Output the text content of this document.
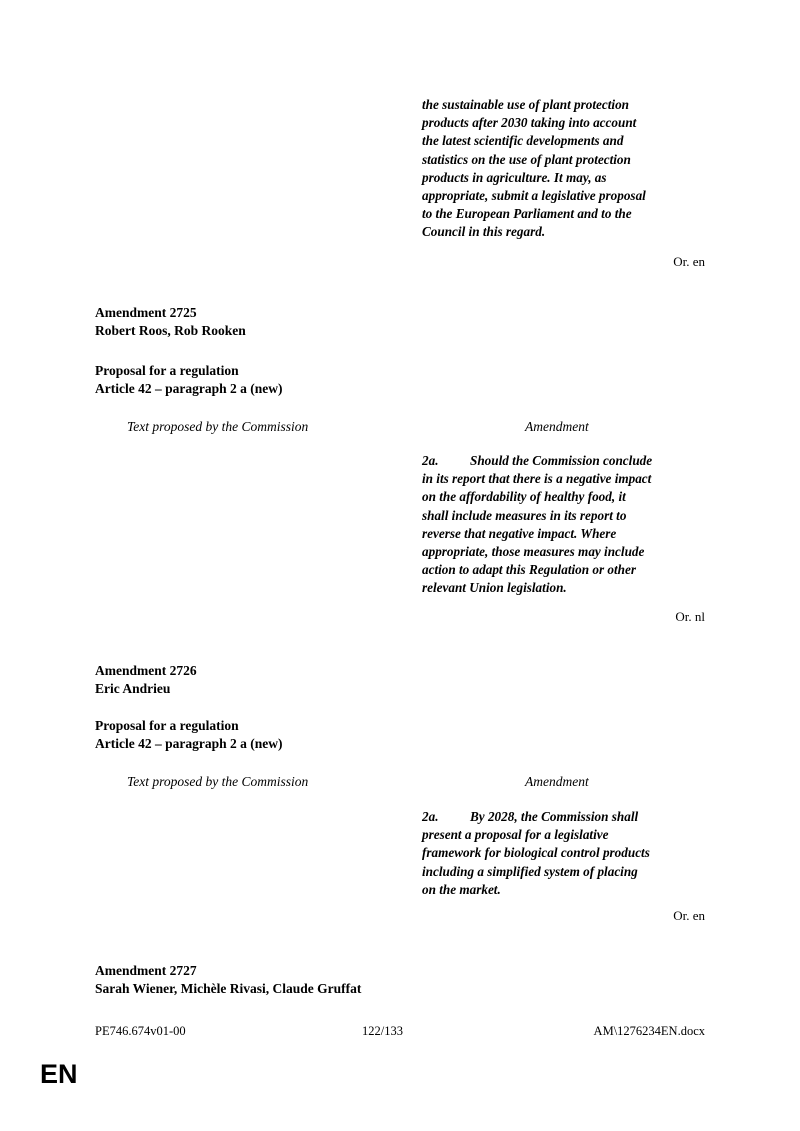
the sustainable use of plant protection
products after 2030 taking into account
the latest scientific developments and
statistics on the use of plant protection
products in agriculture. It may, as
appropriate, submit a legislative proposal
to the European Parliament and to the
Council in this regard.
Or. en
Amendment 2725
Robert Roos, Rob Rooken
Proposal for a regulation
Article 42 – paragraph 2 a (new)
Text proposed by the Commission	Amendment
2a. Should the Commission conclude
in its report that there is a negative impact
on the affordability of healthy food, it
shall include measures in its report to
reverse that negative impact. Where
appropriate, those measures may include
action to adapt this Regulation or other
relevant Union legislation.
Or. nl
Amendment 2726
Eric Andrieu
Proposal for a regulation
Article 42 – paragraph 2 a (new)
Text proposed by the Commission	Amendment
2a. By 2028, the Commission shall
present a proposal for a legislative
framework for biological control products
including a simplified system of placing
on the market.
Or. en
Amendment 2727
Sarah Wiener, Michèle Rivasi, Claude Gruffat
PE746.674v01-00	122/133	AM\1276234EN.docx
EN
